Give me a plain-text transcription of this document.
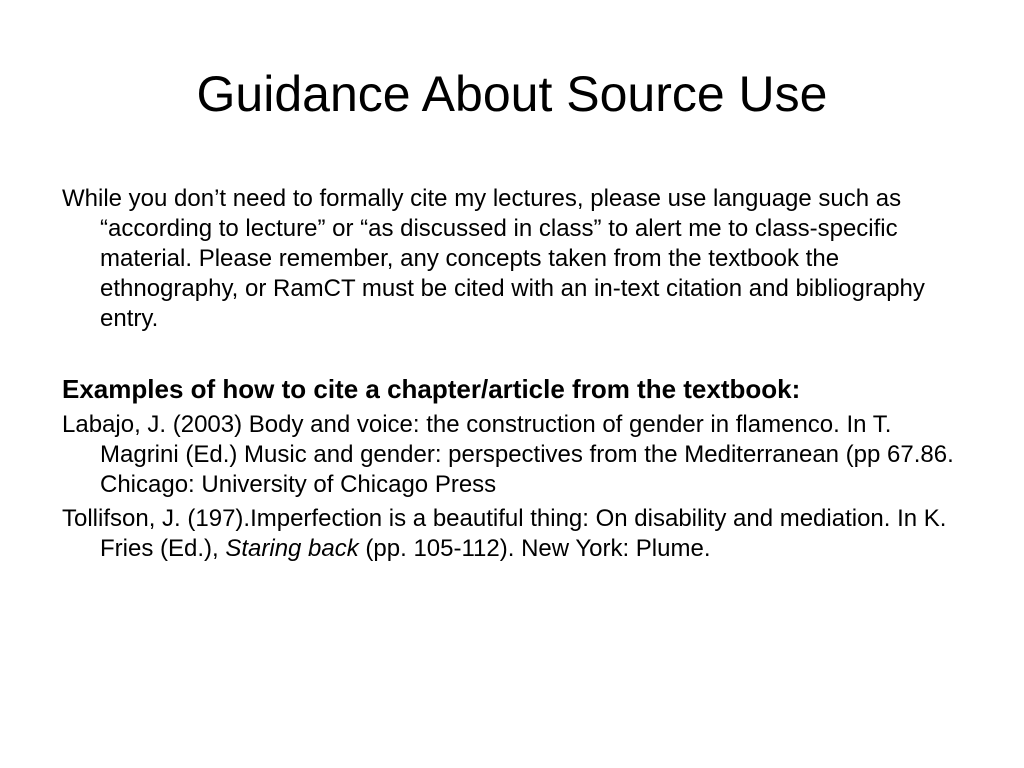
Guidance About Source Use

While you don’t need to formally cite my lectures, please use language such as “according to lecture” or “as discussed in class” to alert me to class-specific material. Please remember, any concepts taken from the textbook the ethnography, or RamCT must be cited with an in-text citation and bibliography entry.

Examples of how to cite a chapter/article from the textbook:

Labajo, J. (2003) Body and voice: the construction of gender in flamenco. In T. Magrini (Ed.) Music and gender: perspectives from the Mediterranean (pp 67.86. Chicago: University of Chicago Press

Tollifson, J. (197).Imperfection is a beautiful thing: On disability and mediation. In K. Fries (Ed.), Staring back (pp. 105-112). New York: Plume.
